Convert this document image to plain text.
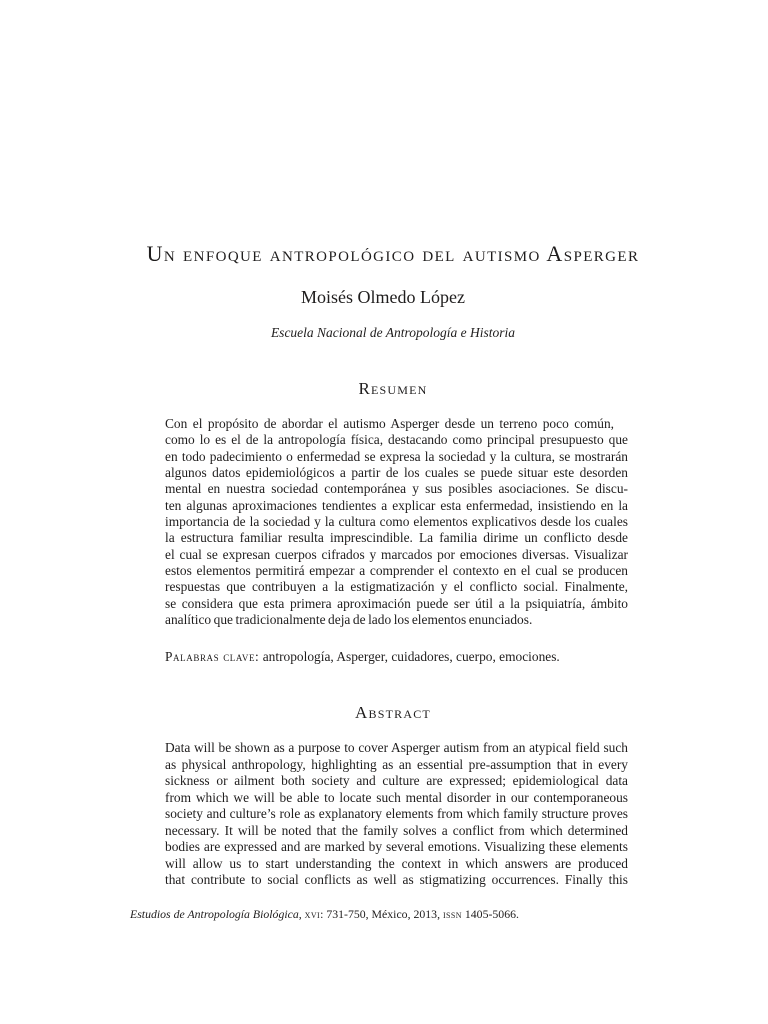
Un enfoque antropológico del autismo Asperger
Moisés Olmedo López
Escuela Nacional de Antropología e Historia
Resumen
Con el propósito de abordar el autismo Asperger desde un terreno poco común,
como lo es el de la antropología física, destacando como principal presupuesto que
en todo padecimiento o enfermedad se expresa la sociedad y la cultura, se mostrarán
algunos datos epidemiológicos a partir de los cuales se puede situar este desorden
mental en nuestra sociedad contemporánea y sus posibles asociaciones. Se discu-
ten algunas aproximaciones tendientes a explicar esta enfermedad, insistiendo en la
importancia de la sociedad y la cultura como elementos explicativos desde los cuales
la estructura familiar resulta imprescindible. La familia dirime un conflicto desde
el cual se expresan cuerpos cifrados y marcados por emociones diversas. Visualizar
estos elementos permitirá empezar a comprender el contexto en el cual se producen
respuestas que contribuyen a la estigmatización y el conflicto social. Finalmente,
se considera que esta primera aproximación puede ser útil a la psiquiatría, ámbito
analítico que tradicionalmente deja de lado los elementos enunciados.
Palabras clave: antropología, Asperger, cuidadores, cuerpo, emociones.
Abstract
Data will be shown as a purpose to cover Asperger autism from an atypical field such
as physical anthropology, highlighting as an essential pre-assumption that in every
sickness or ailment both society and culture are expressed; epidemiological data
from which we will be able to locate such mental disorder in our contemporaneous
society and culture’s role as explanatory elements from which family structure proves
necessary. It will be noted that the family solves a conflict from which determined
bodies are expressed and are marked by several emotions. Visualizing these elements
will allow us to start understanding the context in which answers are produced
that contribute to social conflicts as well as stigmatizing occurrences. Finally this
Estudios de Antropología Biológica, xvi: 731-750, México, 2013, issn 1405-5066.
